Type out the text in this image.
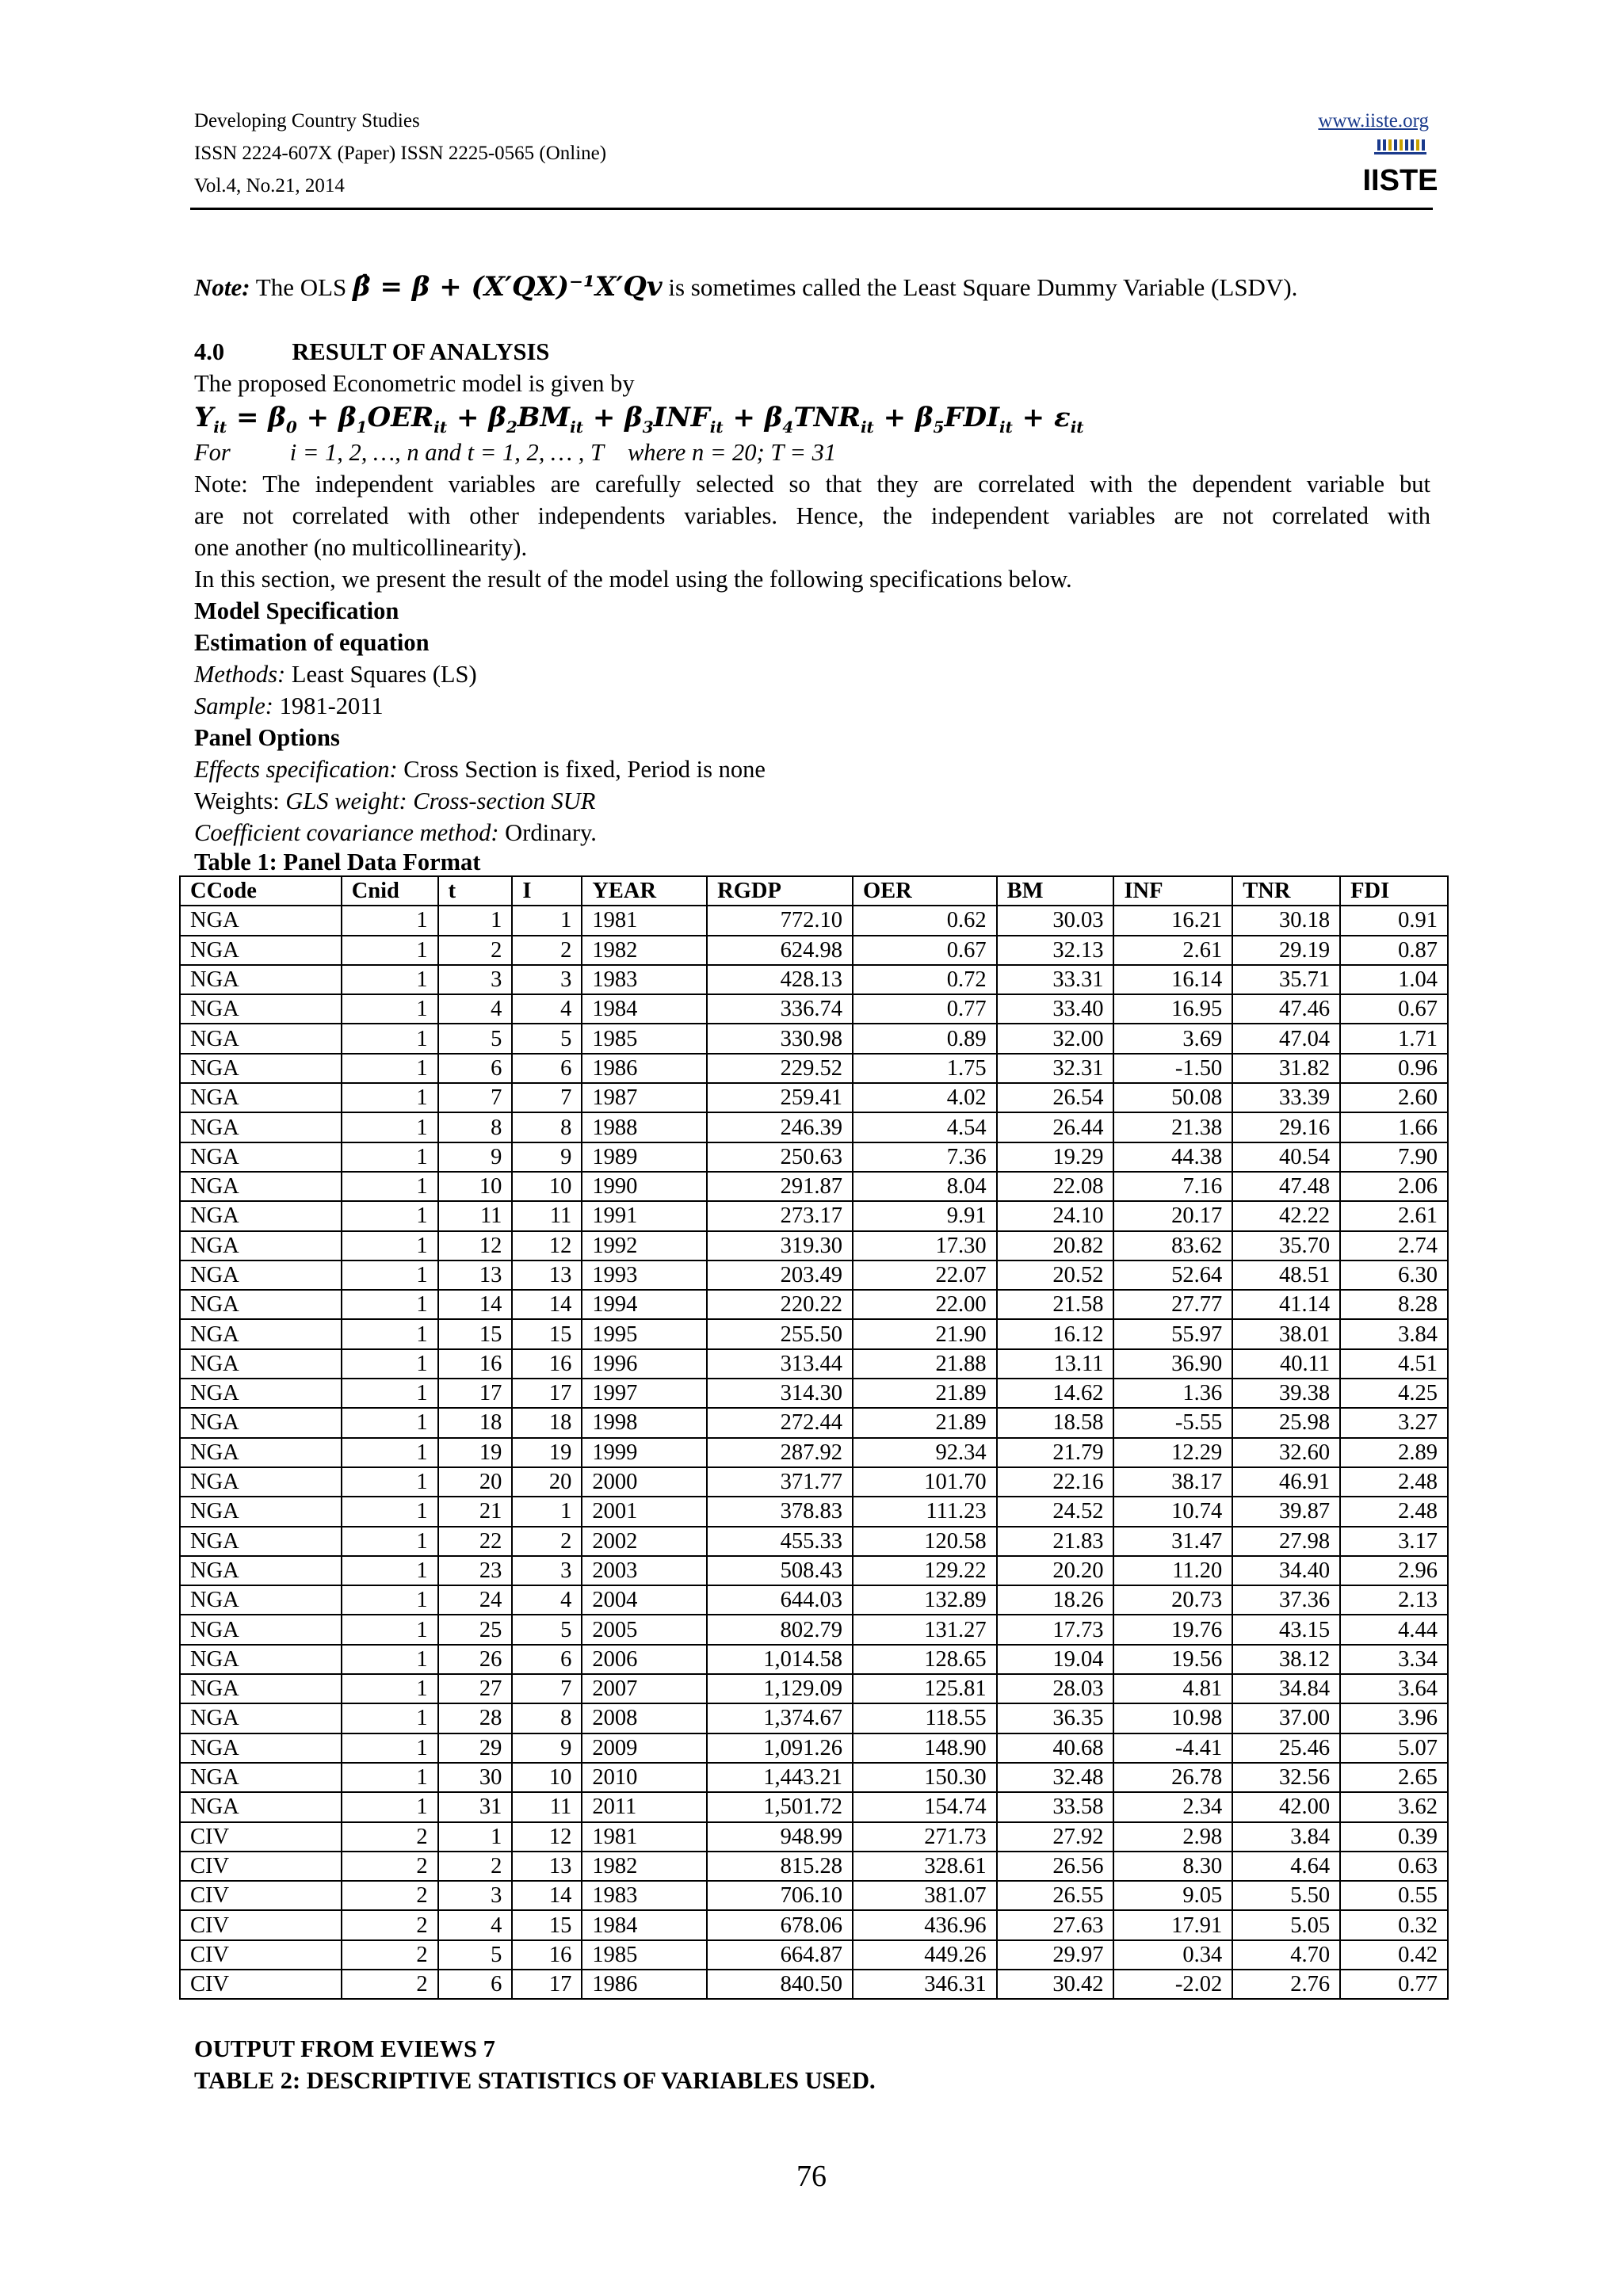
Developing Country Studies
ISSN 2224-607X (Paper) ISSN 2225-0565 (Online)
Vol.4, No.21, 2014
www.iiste.org
IISTE
Note: The OLS β̂ = β + (X′QX)⁻¹X′Qv is sometimes called the Least Square Dummy Variable (LSDV).
4.0	RESULT OF ANALYSIS
The proposed Econometric model is given by
$Y_{it} = \beta_0 + \beta_1OER_{it} + \beta_2BM_{it} + \beta_3INF_{it} + \beta_4TNR_{it} + \beta_5FDI_{it} + \varepsilon_{it}$
For i = 1, 2, …, n and t = 1, 2, … , T where n = 20; T = 31
Note: The independent variables are carefully selected so that they are correlated with the dependent variable but
are not correlated with other independents variables. Hence, the independent variables are not correlated with
one another (no multicollinearity).
In this section, we present the result of the model using the following specifications below.
Model Specification
Estimation of equation
Methods: Least Squares (LS)
Sample: 1981-2011
Panel Options
Effects specification: Cross Section is fixed, Period is none
Weights: GLS weight: Cross-section SUR
Coefficient covariance method: Ordinary.
Table 1: Panel Data Format
CCode	Cnid	t	I	YEAR	RGDP	OER	BM	INF	TNR	FDI
NGA	1	1	1	1981	772.10	0.62	30.03	16.21	30.18	0.91
NGA	1	2	2	1982	624.98	0.67	32.13	2.61	29.19	0.87
NGA	1	3	3	1983	428.13	0.72	33.31	16.14	35.71	1.04
NGA	1	4	4	1984	336.74	0.77	33.40	16.95	47.46	0.67
NGA	1	5	5	1985	330.98	0.89	32.00	3.69	47.04	1.71
NGA	1	6	6	1986	229.52	1.75	32.31	-1.50	31.82	0.96
NGA	1	7	7	1987	259.41	4.02	26.54	50.08	33.39	2.60
NGA	1	8	8	1988	246.39	4.54	26.44	21.38	29.16	1.66
NGA	1	9	9	1989	250.63	7.36	19.29	44.38	40.54	7.90
NGA	1	10	10	1990	291.87	8.04	22.08	7.16	47.48	2.06
NGA	1	11	11	1991	273.17	9.91	24.10	20.17	42.22	2.61
NGA	1	12	12	1992	319.30	17.30	20.82	83.62	35.70	2.74
NGA	1	13	13	1993	203.49	22.07	20.52	52.64	48.51	6.30
NGA	1	14	14	1994	220.22	22.00	21.58	27.77	41.14	8.28
NGA	1	15	15	1995	255.50	21.90	16.12	55.97	38.01	3.84
NGA	1	16	16	1996	313.44	21.88	13.11	36.90	40.11	4.51
NGA	1	17	17	1997	314.30	21.89	14.62	1.36	39.38	4.25
NGA	1	18	18	1998	272.44	21.89	18.58	-5.55	25.98	3.27
NGA	1	19	19	1999	287.92	92.34	21.79	12.29	32.60	2.89
NGA	1	20	20	2000	371.77	101.70	22.16	38.17	46.91	2.48
NGA	1	21	1	2001	378.83	111.23	24.52	10.74	39.87	2.48
NGA	1	22	2	2002	455.33	120.58	21.83	31.47	27.98	3.17
NGA	1	23	3	2003	508.43	129.22	20.20	11.20	34.40	2.96
NGA	1	24	4	2004	644.03	132.89	18.26	20.73	37.36	2.13
NGA	1	25	5	2005	802.79	131.27	17.73	19.76	43.15	4.44
NGA	1	26	6	2006	1,014.58	128.65	19.04	19.56	38.12	3.34
NGA	1	27	7	2007	1,129.09	125.81	28.03	4.81	34.84	3.64
NGA	1	28	8	2008	1,374.67	118.55	36.35	10.98	37.00	3.96
NGA	1	29	9	2009	1,091.26	148.90	40.68	-4.41	25.46	5.07
NGA	1	30	10	2010	1,443.21	150.30	32.48	26.78	32.56	2.65
NGA	1	31	11	2011	1,501.72	154.74	33.58	2.34	42.00	3.62
CIV	2	1	12	1981	948.99	271.73	27.92	2.98	3.84	0.39
CIV	2	2	13	1982	815.28	328.61	26.56	8.30	4.64	0.63
CIV	2	3	14	1983	706.10	381.07	26.55	9.05	5.50	0.55
CIV	2	4	15	1984	678.06	436.96	27.63	17.91	5.05	0.32
CIV	2	5	16	1985	664.87	449.26	29.97	0.34	4.70	0.42
CIV	2	6	17	1986	840.50	346.31	30.42	-2.02	2.76	0.77
OUTPUT FROM EVIEWS 7
TABLE 2: DESCRIPTIVE STATISTICS OF VARIABLES USED.
76
